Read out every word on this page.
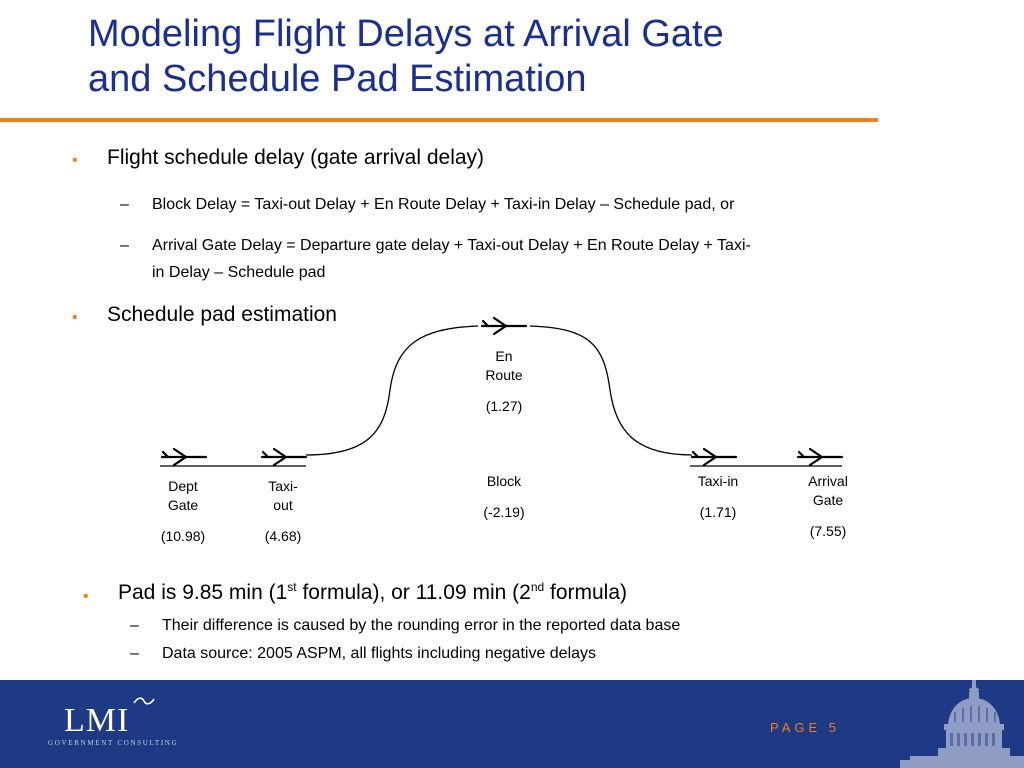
Modeling Flight Delays at Arrival Gate
and Schedule Pad Estimation
• Flight schedule delay (gate arrival delay)
– Block Delay = Taxi-out Delay + En Route Delay + Taxi-in Delay – Schedule pad, or
– Arrival Gate Delay = Departure gate delay + Taxi-out Delay + En Route Delay + Taxi-
in Delay – Schedule pad
• Schedule pad estimation
Dept
Gate
(10.98)
Taxi-
out
(4.68)
En
Route
(1.27)
Block
(-2.19)
Taxi-in
(1.71)
Arrival
Gate
(7.55)
• Pad is 9.85 min (1st formula), or 11.09 min (2nd formula)
– Their difference is caused by the rounding error in the reported data base
– Data source: 2005 ASPM, all flights including negative delays
LMI
GOVERNMENT CONSULTING
PAGE 5
